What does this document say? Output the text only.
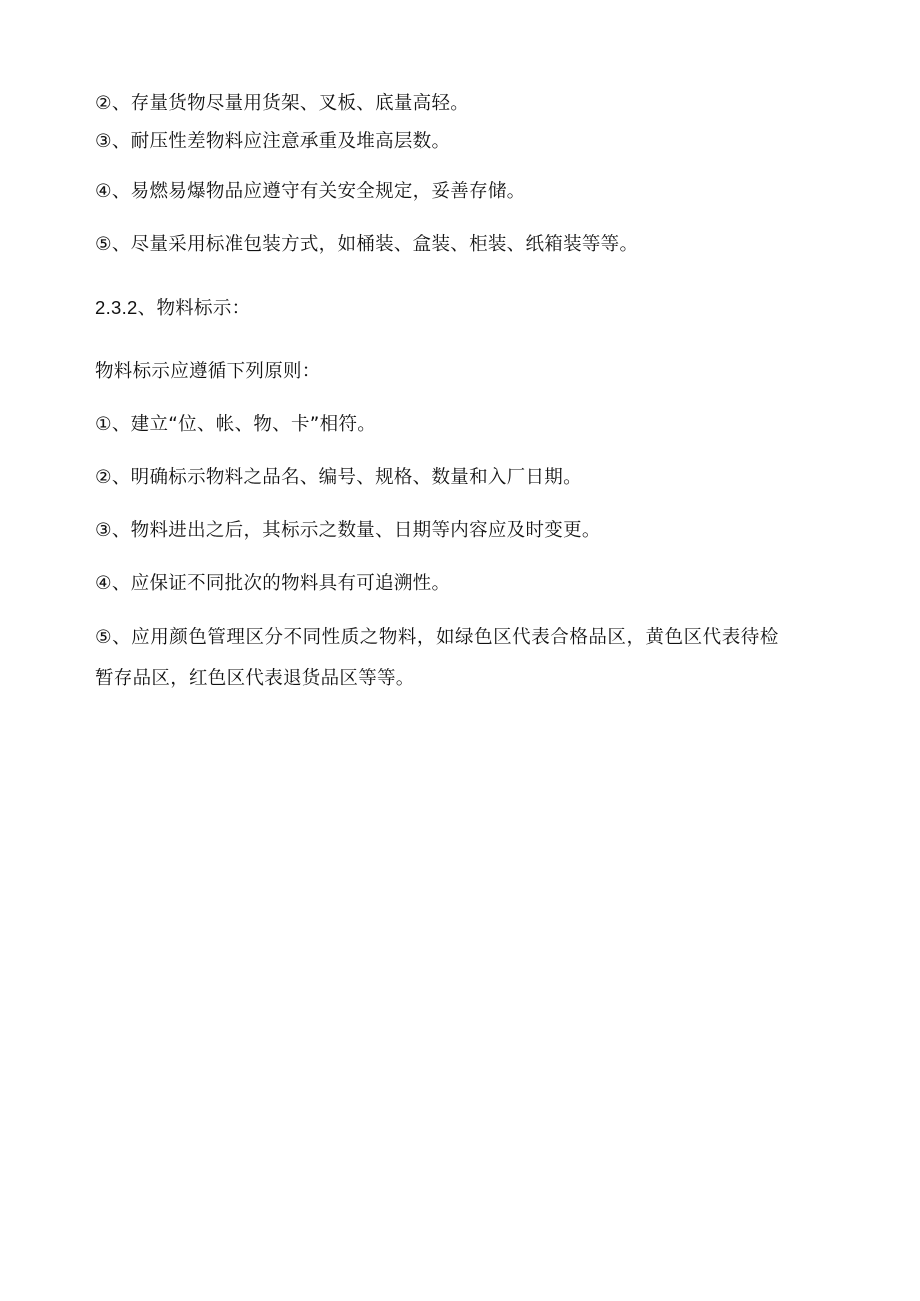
②、存量货物尽量用货架、叉板、底量高轻。
③、耐压性差物料应注意承重及堆高层数。
④、易燃易爆物品应遵守有关安全规定，妥善存储。
⑤、尽量采用标准包装方式，如桶装、盒装、柜装、纸箱装等等。
2.3.2、物料标示：
物料标示应遵循下列原则：
①、建立“位、帐、物、卡”相符。
②、明确标示物料之品名、编号、规格、数量和入厂日期。
③、物料进出之后，其标示之数量、日期等内容应及时变更。
④、应保证不同批次的物料具有可追溯性。
⑤、应用颜色管理区分不同性质之物料，如绿色区代表合格品区，黄色区代表待检
暂存品区，红色区代表退货品区等等。
